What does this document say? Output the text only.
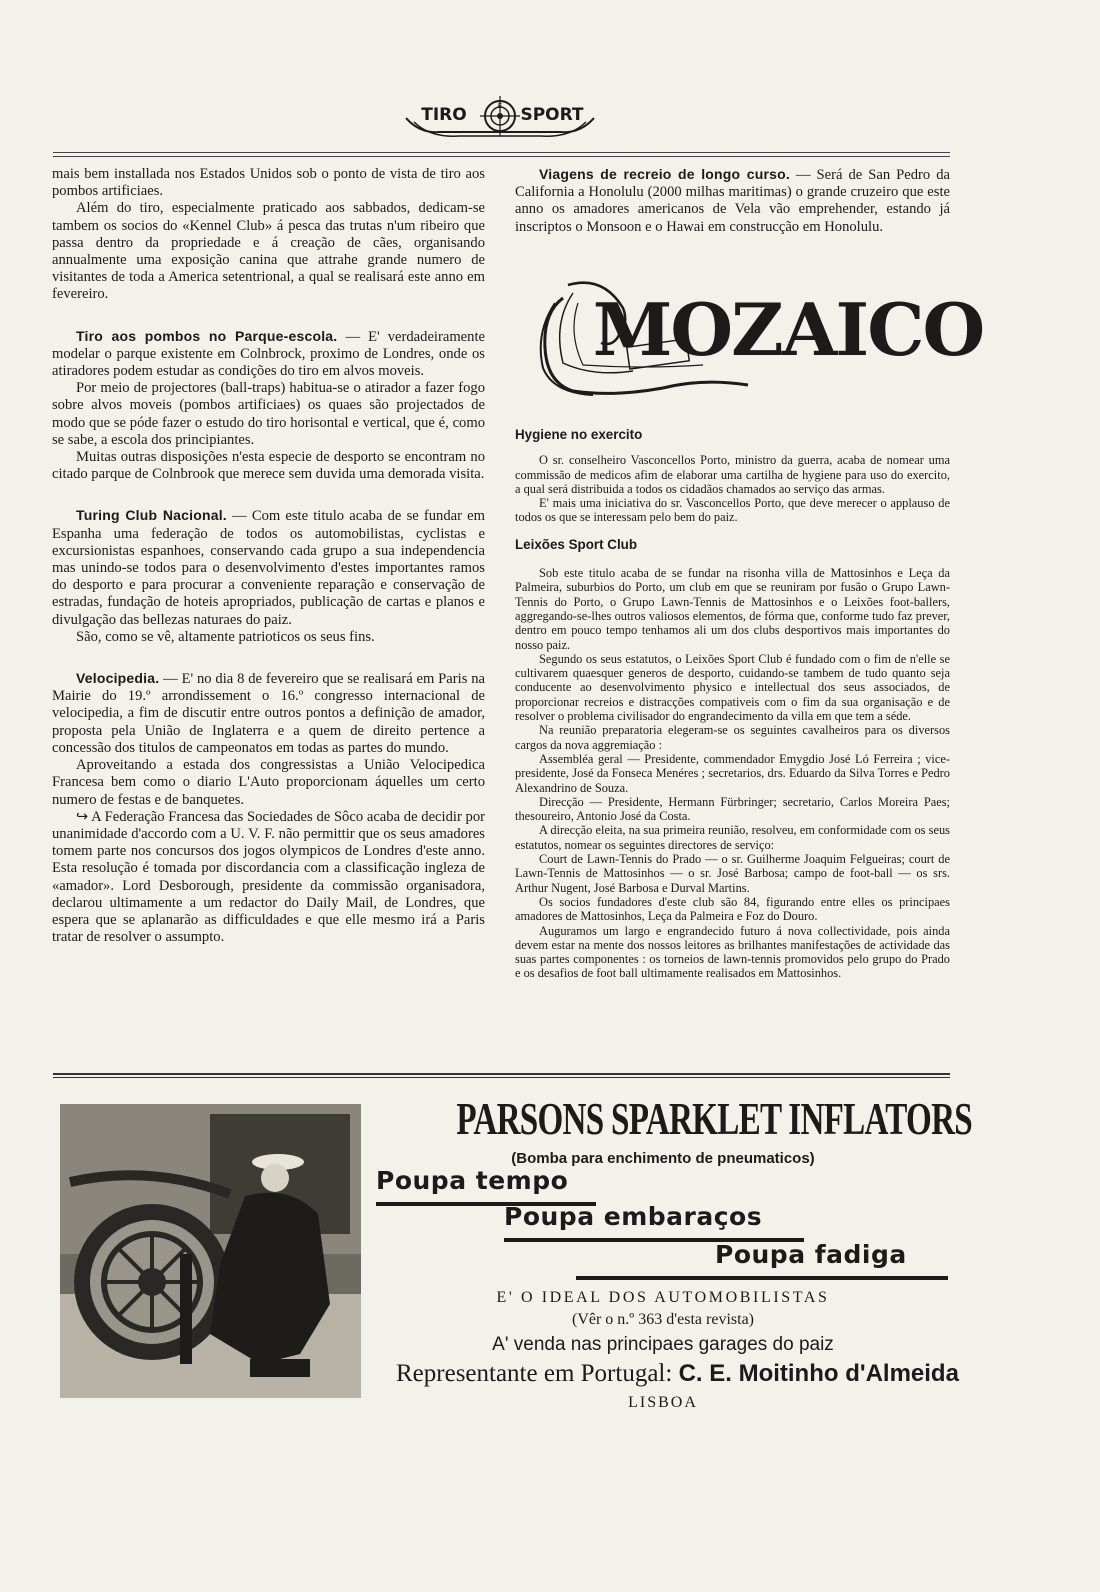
TIRO	SPORT
E

mais bem installada nos Estados Unidos sob o ponto de vista de tiro aos pombos artificiaes.

Além do tiro, especialmente praticado aos sabbados, dedicam-se tambem os socios do «Kennel Club» á pesca das trutas n'um ribeiro que passa dentro da propriedade e á creação de cães, organisando annualmente uma exposição canina que attrahe grande numero de visitantes de toda a America setentrional, a qual se realisará este anno em fevereiro.

Tiro aos pombos no Parque-escola. — E' verdadeiramente modelar o parque existente em Colnbrock, proximo de Londres, onde os atiradores podem estudar as condições do tiro em alvos moveis.

Por meio de projectores (ball-traps) habitua-se o atirador a fazer fogo sobre alvos moveis (pombos artificiaes) os quaes são projectados de modo que se póde fazer o estudo do tiro horisontal e vertical, que é, como se sabe, a escola dos principiantes.

Muitas outras disposições n'esta especie de desporto se encontram no citado parque de Colnbrook que merece sem duvida uma demorada visita.

Turing Club Nacional. — Com este titulo acaba de se fundar em Espanha uma federação de todos os automobilistas, cyclistas e excursionistas espanhoes, conservando cada grupo a sua independencia mas unindo-se todos para o desenvolvimento d'estes importantes ramos do desporto e para procurar a conveniente reparação e conservação de estradas, fundação de hoteis apropriados, publicação de cartas e planos e divulgação das bellezas naturaes do paiz.

São, como se vê, altamente patrioticos os seus fins.

Velocipedia. — E' no dia 8 de fevereiro que se realisará em Paris na Mairie do 19.º arrondissement o 16.º congresso internacional de velocipedia, a fim de discutir entre outros pontos a definição de amador, proposta pela União de Inglaterra e a quem de direito pertence a concessão dos titulos de campeonatos em todas as partes do mundo.

Aproveitando a estada dos congressistas a União Velocipedica Francesa bem como o diario L'Auto proporcionam áquelles um certo numero de festas e de banquetes.

↪ A Federação Francesa das Sociedades de Sôco acaba de decidir por unanimidade d'accordo com a U. V. F. não permittir que os seus amadores tomem parte nos concursos dos jogos olympicos de Londres d'este anno. Esta resolução é tomada por discordancia com a classificação ingleza de «amador». Lord Desborough, presidente da commissão organisadora, declarou ultimamente a um redactor do Daily Mail, de Londres, que espera que se aplanarão as difficuldades e que elle mesmo irá a Paris tratar de resolver o assumpto.

Viagens de recreio de longo curso. — Será de San Pedro da California a Honolulu (2000 milhas maritimas) o grande cruzeiro que este anno os amadores americanos de Vela vão emprehender, estando já inscriptos o Monsoon e o Hawai em construcção em Honolulu.

MOZAICO
Hygiene no exercito

O sr. conselheiro Vasconcellos Porto, ministro da guerra, acaba de nomear uma commissão de medicos afim de elaborar uma cartilha de hygiene para uso do exercito, a qual será distribuida a todos os cidadãos chamados ao serviço das armas.

E' mais uma iniciativa do sr. Vasconcellos Porto, que deve merecer o applauso de todos os que se interessam pelo bem do paiz.

Leixões Sport Club

Sob este titulo acaba de se fundar na risonha villa de Mattosinhos e Leça da Palmeira, suburbios do Porto, um club em que se reuniram por fusão o Grupo Lawn-Tennis do Porto, o Grupo Lawn-Tennis de Mattosinhos e o Leixões foot-ballers, aggregando-se-lhes outros valiosos elementos, de fórma que, conforme tudo faz prever, dentro em pouco tempo tenhamos ali um dos clubs desportivos mais importantes do nosso paiz.

Segundo os seus estatutos, o Leixões Sport Club é fundado com o fim de n'elle se cultivarem quaesquer generos de desporto, cuidando-se tambem de tudo quanto seja conducente ao desenvolvimento physico e intellectual dos seus associados, de proporcionar recreios e distracções compativeis com o fim da sua organisação e de resolver o problema civilisador do engrandecimento da villa em que tem a séde.

Na reunião preparatoria elegeram-se os seguintes cavalheiros para os diversos cargos da nova aggremiação :

Assembléa geral — Presidente, commendador Emygdio José Ló Ferreira ; vice-presidente, José da Fonseca Menéres ; secretarios, drs. Eduardo da Silva Torres e Pedro Alexandrino de Souza.

Direcção — Presidente, Hermann Fürbringer; secretario, Carlos Moreira Paes; thesoureiro, Antonio José da Costa.

A direcção eleita, na sua primeira reunião, resolveu, em conformidade com os seus estatutos, nomear os seguintes directores de serviço:

Court de Lawn-Tennis do Prado — o sr. Guilherme Joaquim Felgueiras; court de Lawn-Tennis de Mattosinhos — o sr. José Barbosa; campo de foot-ball — os srs. Arthur Nugent, José Barbosa e Durval Martins.

Os socios fundadores d'este club são 84, figurando entre elles os principaes amadores de Mattosinhos, Leça da Palmeira e Foz do Douro.

Auguramos um largo e engrandecido futuro á nova collectividade, pois ainda devem estar na mente dos nossos leitores as brilhantes manifestações de actividade das suas partes componentes : os torneios de lawn-tennis promovidos pelo grupo do Prado e os desafios de foot ball ultimamente realisados em Mattosinhos.

PARSONS SPARKLET INFLATORS
(Bomba para enchimento de pneumaticos)
Poupa tempo
Poupa embaraços
Poupa fadiga
E' O IDEAL DOS AUTOMOBILISTAS
(Vêr o n.º 363 d'esta revista)
A' venda nas principaes garages do paiz
Representante em Portugal: C. E. Moitinho d'Almeida
LISBOA
